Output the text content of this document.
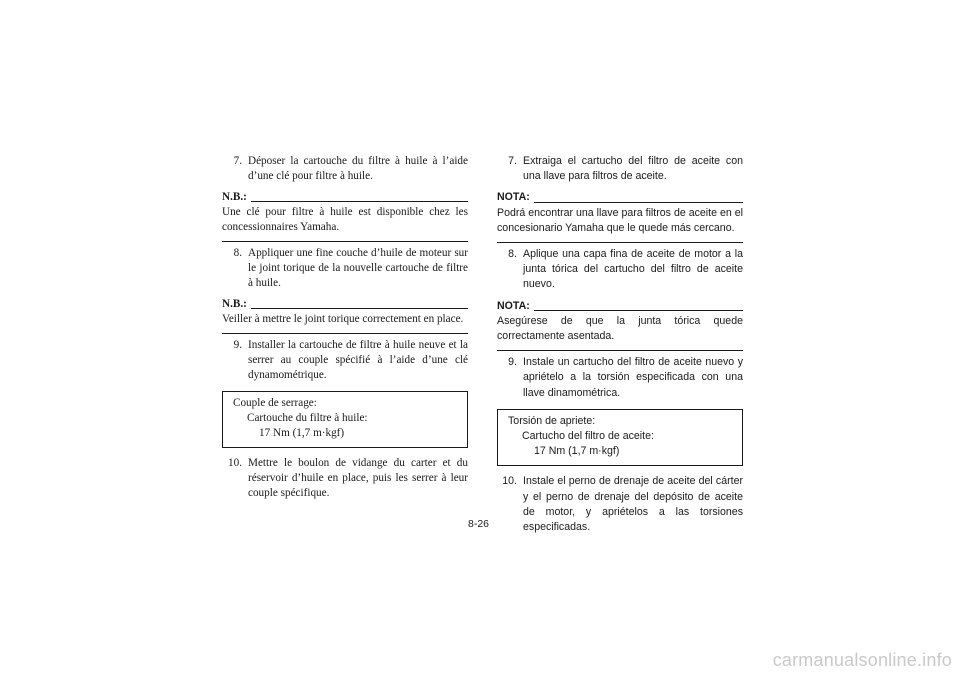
7. Déposer la cartouche du filtre à huile à l’aide d’une clé pour filtre à huile.
N.B.:
Une clé pour filtre à huile est disponible chez les concessionnaires Yamaha.
8. Appliquer une fine couche d’huile de moteur sur le joint torique de la nouvelle cartouche de filtre à huile.
N.B.:
Veiller à mettre le joint torique correctement en place.
9. Installer la cartouche de filtre à huile neuve et la serrer au couple spécifié à l’aide d’une clé dynamométrique.
Couple de serrage:
Cartouche du filtre à huile:
17 Nm (1,7 m·kgf)
10. Mettre le boulon de vidange du carter et du réservoir d’huile en place, puis les serrer à leur couple spécifique.
7. Extraiga el cartucho del filtro de aceite con una llave para filtros de aceite.
NOTA:
Podrá encontrar una llave para filtros de aceite en el concesionario Yamaha que le quede más cercano.
8. Aplique una capa fina de aceite de motor a la junta tórica del cartucho del filtro de aceite nuevo.
NOTA:
Asegúrese de que la junta tórica quede correctamente asentada.
9. Instale un cartucho del filtro de aceite nuevo y apriételo a la torsión especificada con una llave dinamométrica.
Torsión de apriete:
Cartucho del filtro de aceite:
17 Nm (1,7 m·kgf)
10. Instale el perno de drenaje de aceite del cárter y el perno de drenaje del depósito de aceite de motor, y apriételos a las torsiones especificadas.
8-26
carmanualsonline.info
